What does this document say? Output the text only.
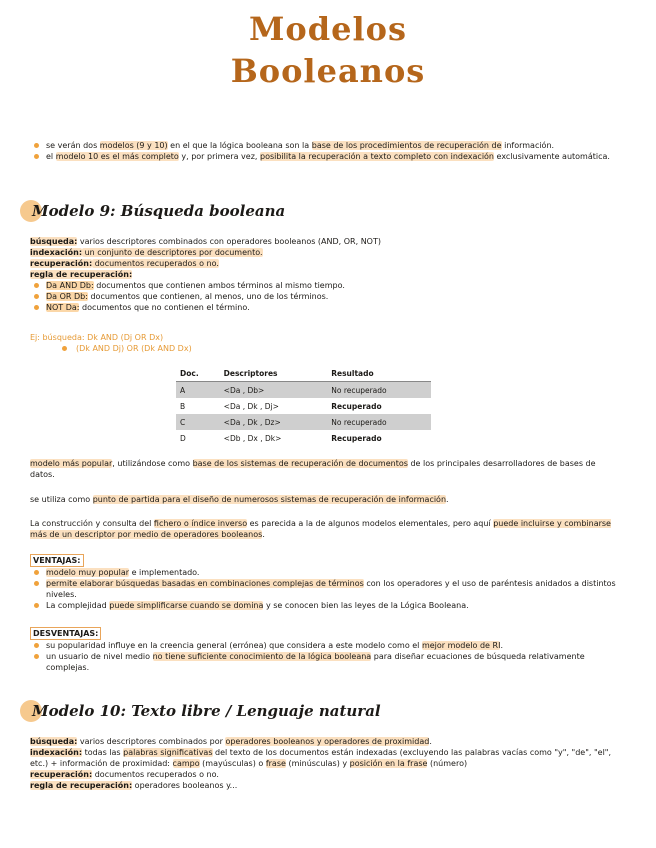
Modelos
Booleanos
se verán dos modelos (9 y 10) en el que la lógica booleana son la base de los procedimientos de recuperación de información.
el modelo 10 es el más completo y, por primera vez, posibilita la recuperación a texto completo con indexación exclusivamente automática.
Modelo 9: Búsqueda booleana
búsqueda: varios descriptores combinados con operadores booleanos (AND, OR, NOT)
indexación: un conjunto de descriptores por documento.
recuperación: documentos recuperados o no.
regla de recuperación:
Da AND Db: documentos que contienen ambos términos al mismo tiempo.
Da OR Db: documentos que contienen, al menos, uno de los términos.
NOT Da: documentos que no contienen el término.
Ej: búsqueda: Dk AND (Dj OR Dx)
(Dk AND Dj) OR (Dk AND Dx)
Doc.	Descriptores	Resultado
A	<Da , Db>	No recuperado
B	<Da , Dk , Dj>	Recuperado
C	<Da , Dk , Dz>	No recuperado
D	<Db , Dx , Dk>	Recuperado
modelo más popular, utilizándose como base de los sistemas de recuperación de documentos de los principales desarrolladores de bases de datos.
se utiliza como punto de partida para el diseño de numerosos sistemas de recuperación de información.
La construcción y consulta del fichero o índice inverso es parecida a la de algunos modelos elementales, pero aquí puede incluirse y combinarse más de un descriptor por medio de operadores booleanos.
VENTAJAS:
modelo muy popular e implementado.
permite elaborar búsquedas basadas en combinaciones complejas de términos con los operadores y el uso de paréntesis anidados a distintos niveles.
La complejidad puede simplificarse cuando se domina y se conocen bien las leyes de la Lógica Booleana.
DESVENTAJAS:
su popularidad influye en la creencia general (errónea) que considera a este modelo como el mejor modelo de RI.
un usuario de nivel medio no tiene suficiente conocimiento de la lógica booleana para diseñar ecuaciones de búsqueda relativamente complejas.
Modelo 10: Texto libre / Lenguaje natural
búsqueda: varios descriptores combinados por operadores booleanos y operadores de proximidad.
indexación: todas las palabras significativas del texto de los documentos están indexadas (excluyendo las palabras vacías como "y", "de", "el", etc.) + información de proximidad: campo (mayúsculas) o frase (minúsculas) y posición en la frase (número)
recuperación: documentos recuperados o no.
regla de recuperación: operadores booleanos y...
